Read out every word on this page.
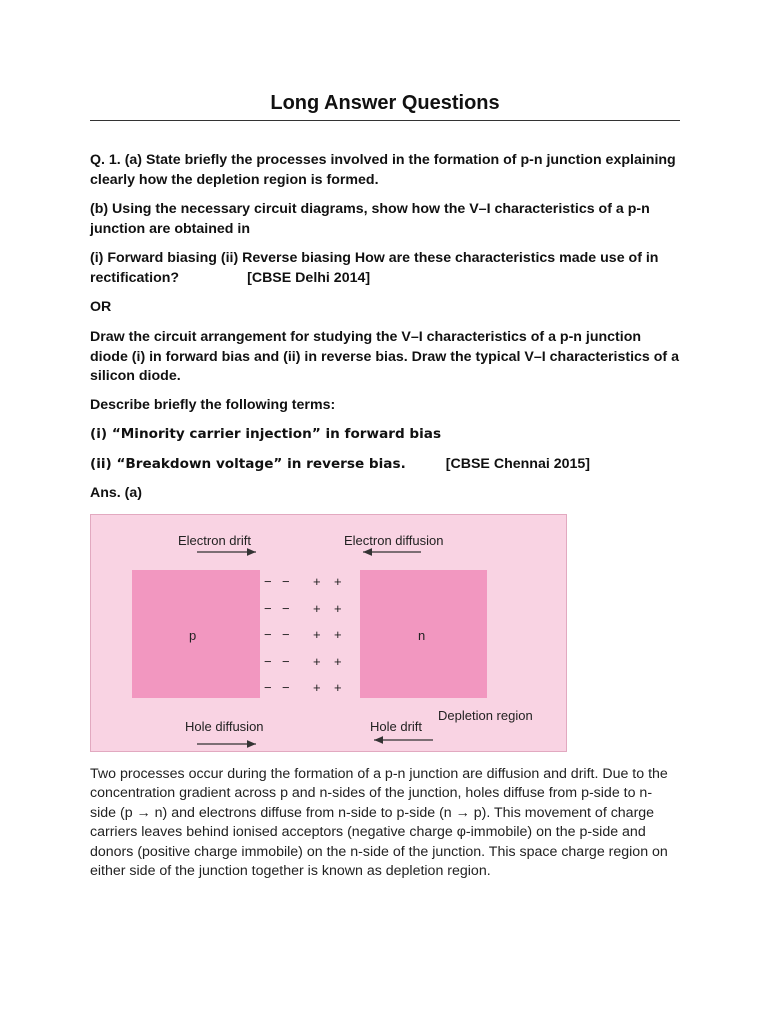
Long Answer Questions
Q. 1. (a) State briefly the processes involved in the formation of p-n junction explaining clearly how the depletion region is formed.
(b) Using the necessary circuit diagrams, show how the V–I characteristics of a p-n junction are obtained in
(i) Forward biasing (ii) Reverse biasing How are these characteristics made use of in rectification?	[CBSE Delhi 2014]
OR
Draw the circuit arrangement for studying the V–I characteristics of a p-n junction diode (i) in forward bias and (ii) in reverse bias. Draw the typical V–I characteristics of a silicon diode.
Describe briefly the following terms:
(i) “Minority carrier injection” in forward bias
(ii) “Breakdown voltage” in reverse bias.	[CBSE Chennai 2015]
Ans. (a)
Electron drift	Electron diffusion
p	n
− − + +
− − + +
− − + +
− − + +
− − + +
Hole diffusion	Hole drift
Depletion region
Two processes occur during the formation of a p-n junction are diffusion and drift. Due to the concentration gradient across p and n-sides of the junction, holes diffuse from p-side to n-side (p → n) and electrons diffuse from n-side to p-side (n → p). This movement of charge carriers leaves behind ionised acceptors (negative charge φ-immobile) on the p-side and donors (positive charge immobile) on the n-side of the junction. This space charge region on either side of the junction together is known as depletion region.
